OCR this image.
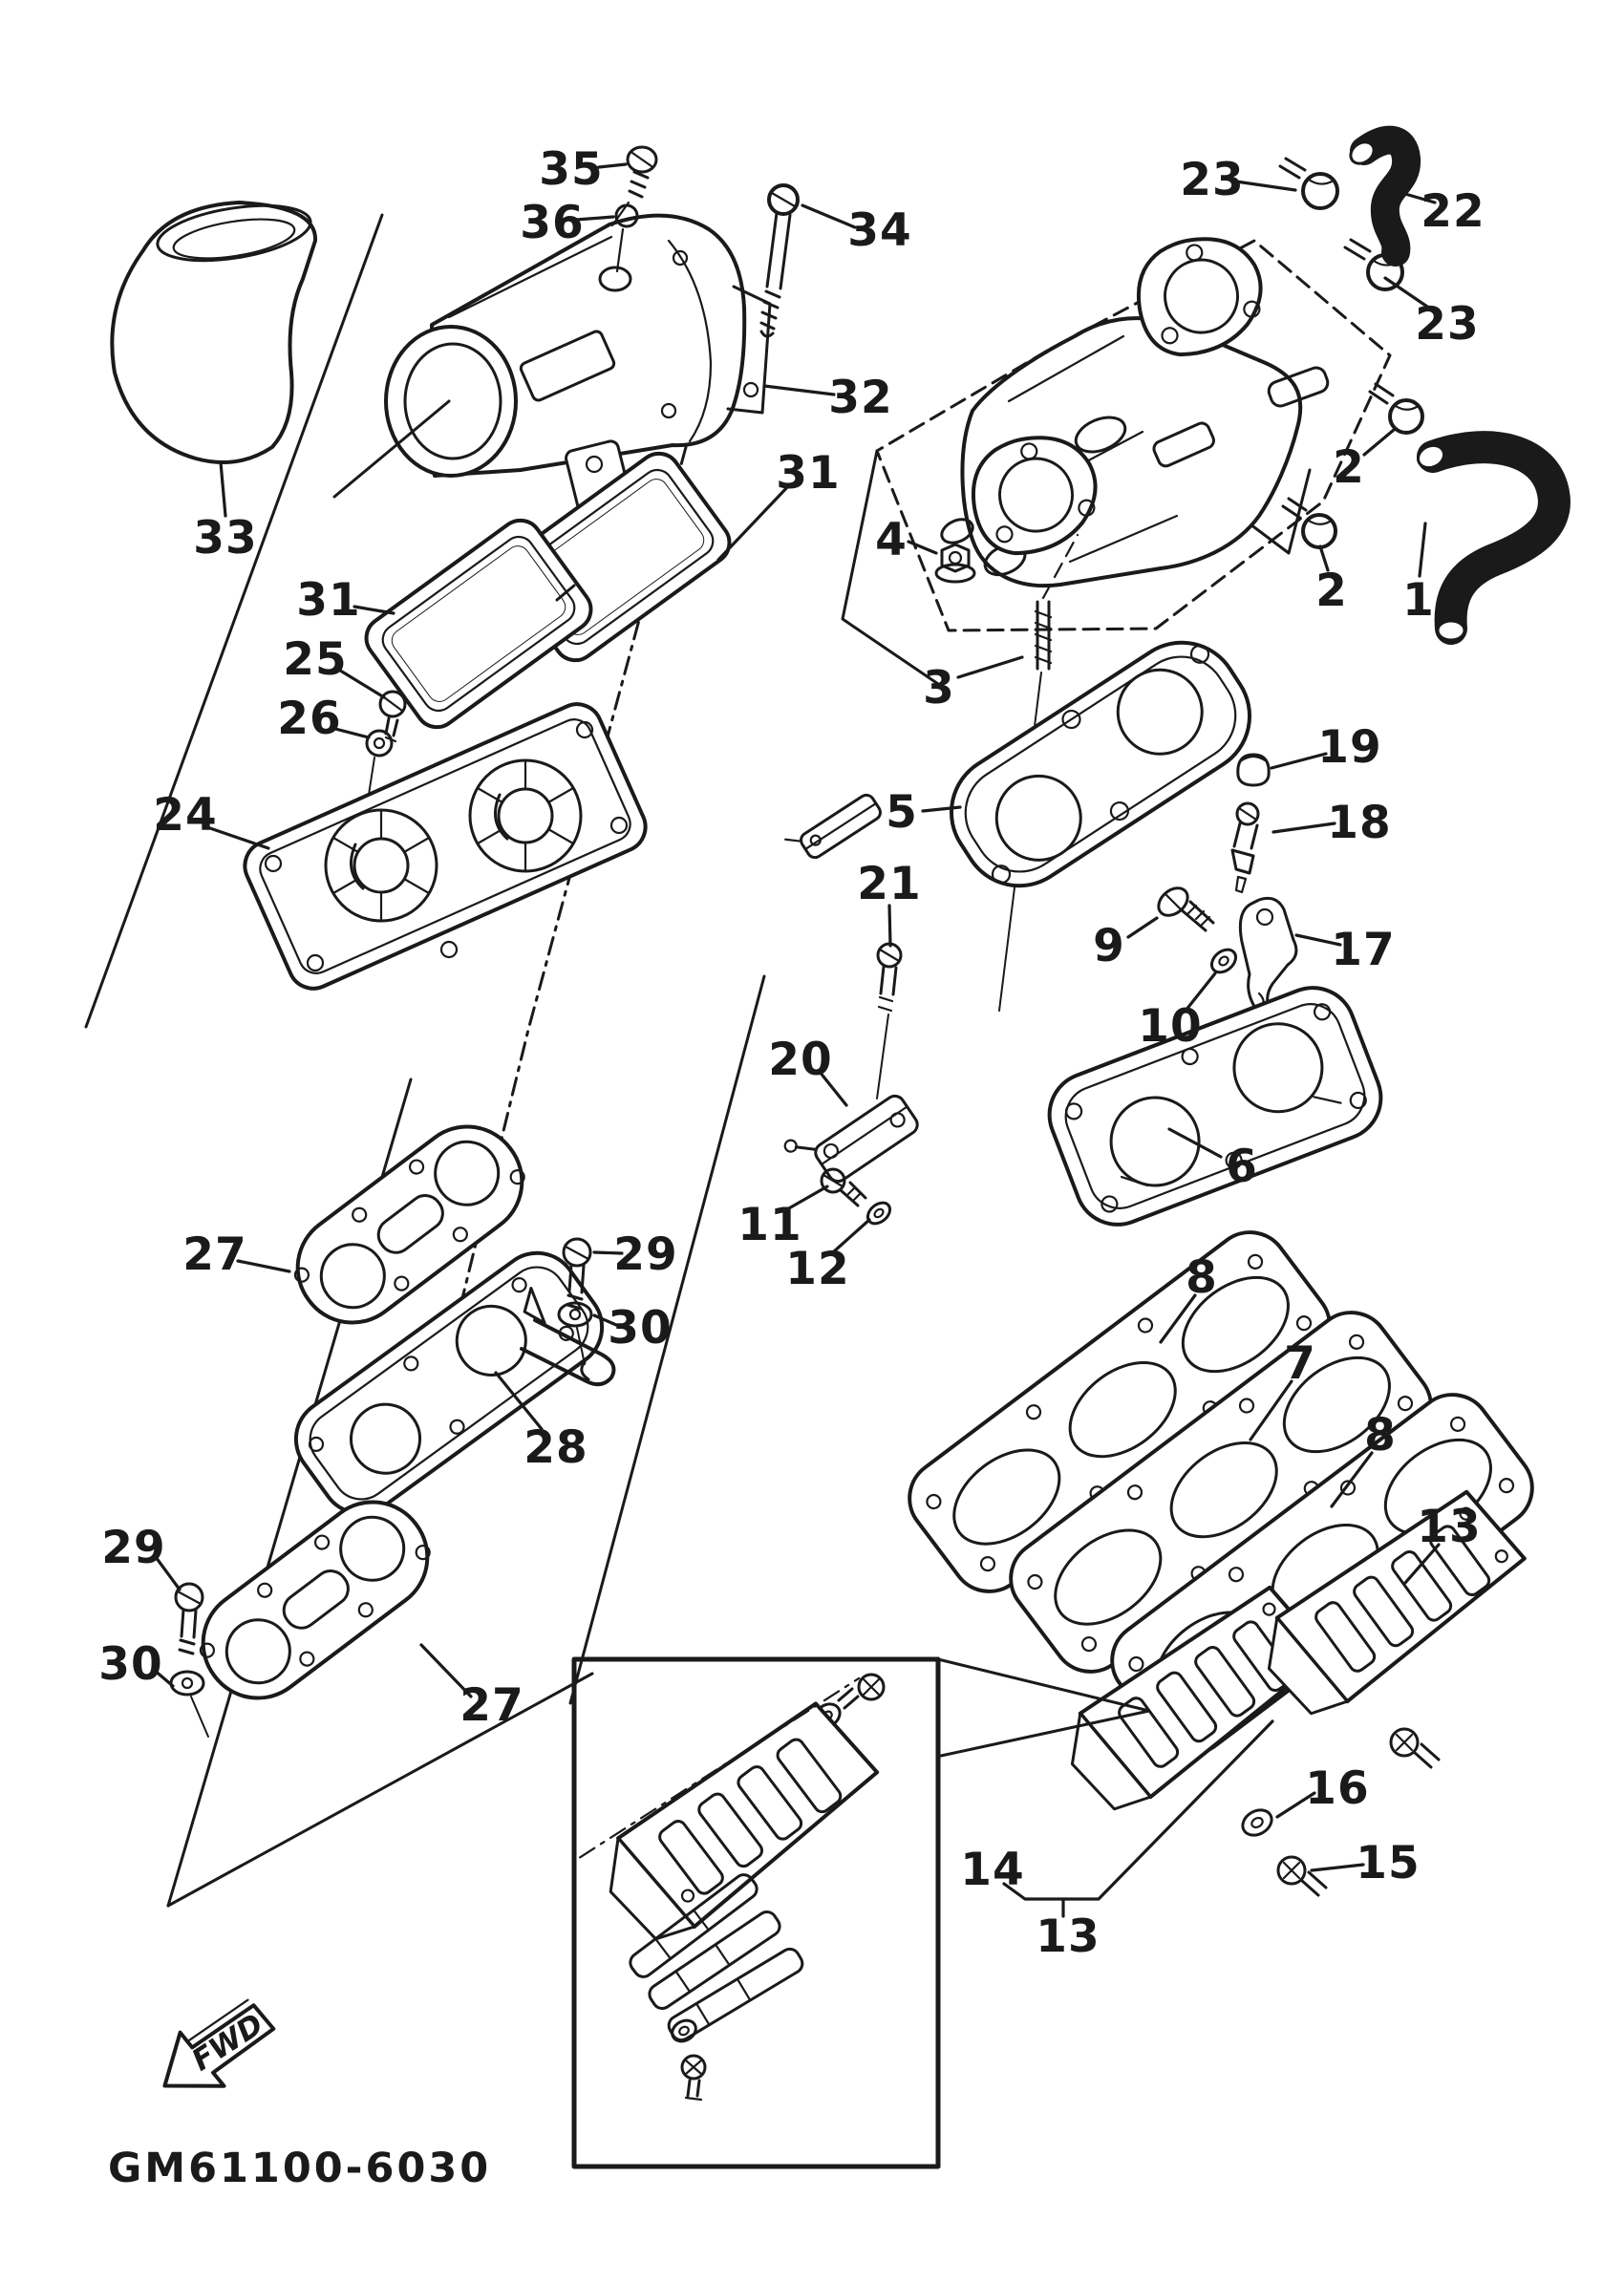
FWD
GM61100-6030
35
36	34
32
33
31
31
25
26
24
23
22
23
2
1
2
4
3
5
19
18
9	17
10
21
20
6
11
12	8
7
8
13
27	29
30
28
29
30
27
16
15
14
13
